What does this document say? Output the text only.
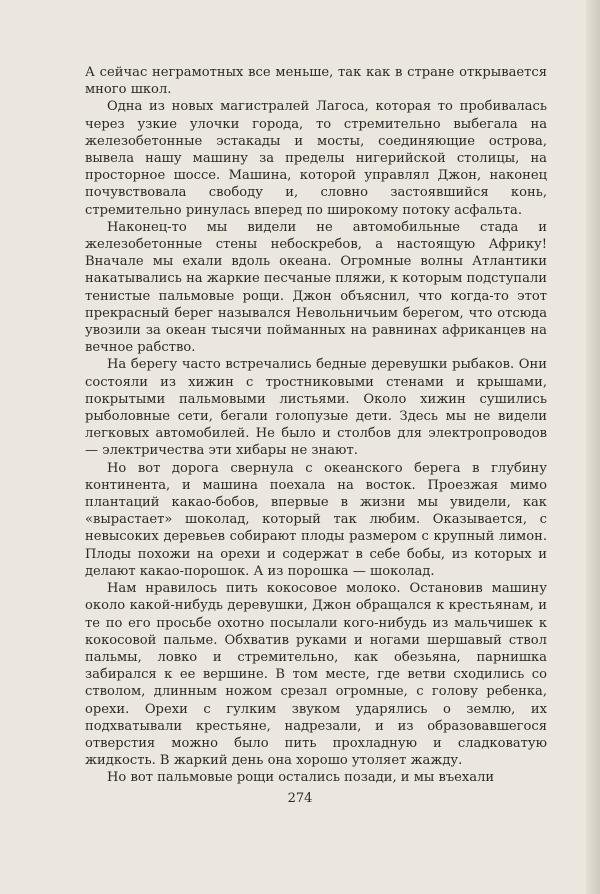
А сейчас неграмотных все меньше, так как в стране открывается много школ.

Одна из новых магистралей Лагоса, которая то пробивалась через узкие улочки города, то стремительно выбегала на железобетонные эстакады и мосты, соединяющие острова, вывела нашу машину за пределы нигерийской столицы, на просторное шоссе. Машина, которой управлял Джон, наконец почувствовала свободу и, словно застоявшийся конь, стремительно ринулась вперед по широкому потоку асфальта.

Наконец-то мы видели не автомобильные стада и железобетонные стены небоскребов, а настоящую Африку! Вначале мы ехали вдоль океана. Огромные волны Атлантики накатывались на жаркие песчаные пляжи, к которым подступали тенистые пальмовые рощи. Джон объяснил, что когда-то этот прекрасный берег назывался Невольничьим берегом, что отсюда увозили за океан тысячи пойманных на равнинах африканцев на вечное рабство.

На берегу часто встречались бедные деревушки рыбаков. Они состояли из хижин с тростниковыми стенами и крышами, покрытыми пальмовыми листьями. Около хижин сушились рыболовные сети, бегали голопузые дети. Здесь мы не видели легковых автомобилей. Не было и столбов для электропроводов — электричества эти хибары не знают.

Но вот дорога свернула с океанского берега в глубину континента, и машина поехала на восток. Проезжая мимо плантаций какао-бобов, впервые в жизни мы увидели, как «вырастает» шоколад, который так любим. Оказывается, с невысоких деревьев собирают плоды размером с крупный лимон. Плоды похожи на орехи и содержат в себе бобы, из которых и делают какао-порошок. А из порошка — шоколад.

Нам нравилось пить кокосовое молоко. Остановив машину около какой-нибудь деревушки, Джон обращался к крестьянам, и те по его просьбе охотно посылали кого-нибудь из мальчишек к кокосовой пальме. Обхватив руками и ногами шершавый ствол пальмы, ловко и стремительно, как обезьяна, парнишка забирался к ее вершине. В том месте, где ветви сходились со стволом, длинным ножом срезал огромные, с голову ребенка, орехи. Орехи с гулким звуком ударялись о землю, их подхватывали крестьяне, надрезали, и из образовавшегося отверстия можно было пить прохладную и сладковатую жидкость. В жаркий день она хорошо утоляет жажду.

Но вот пальмовые рощи остались позади, и мы въехали

274
